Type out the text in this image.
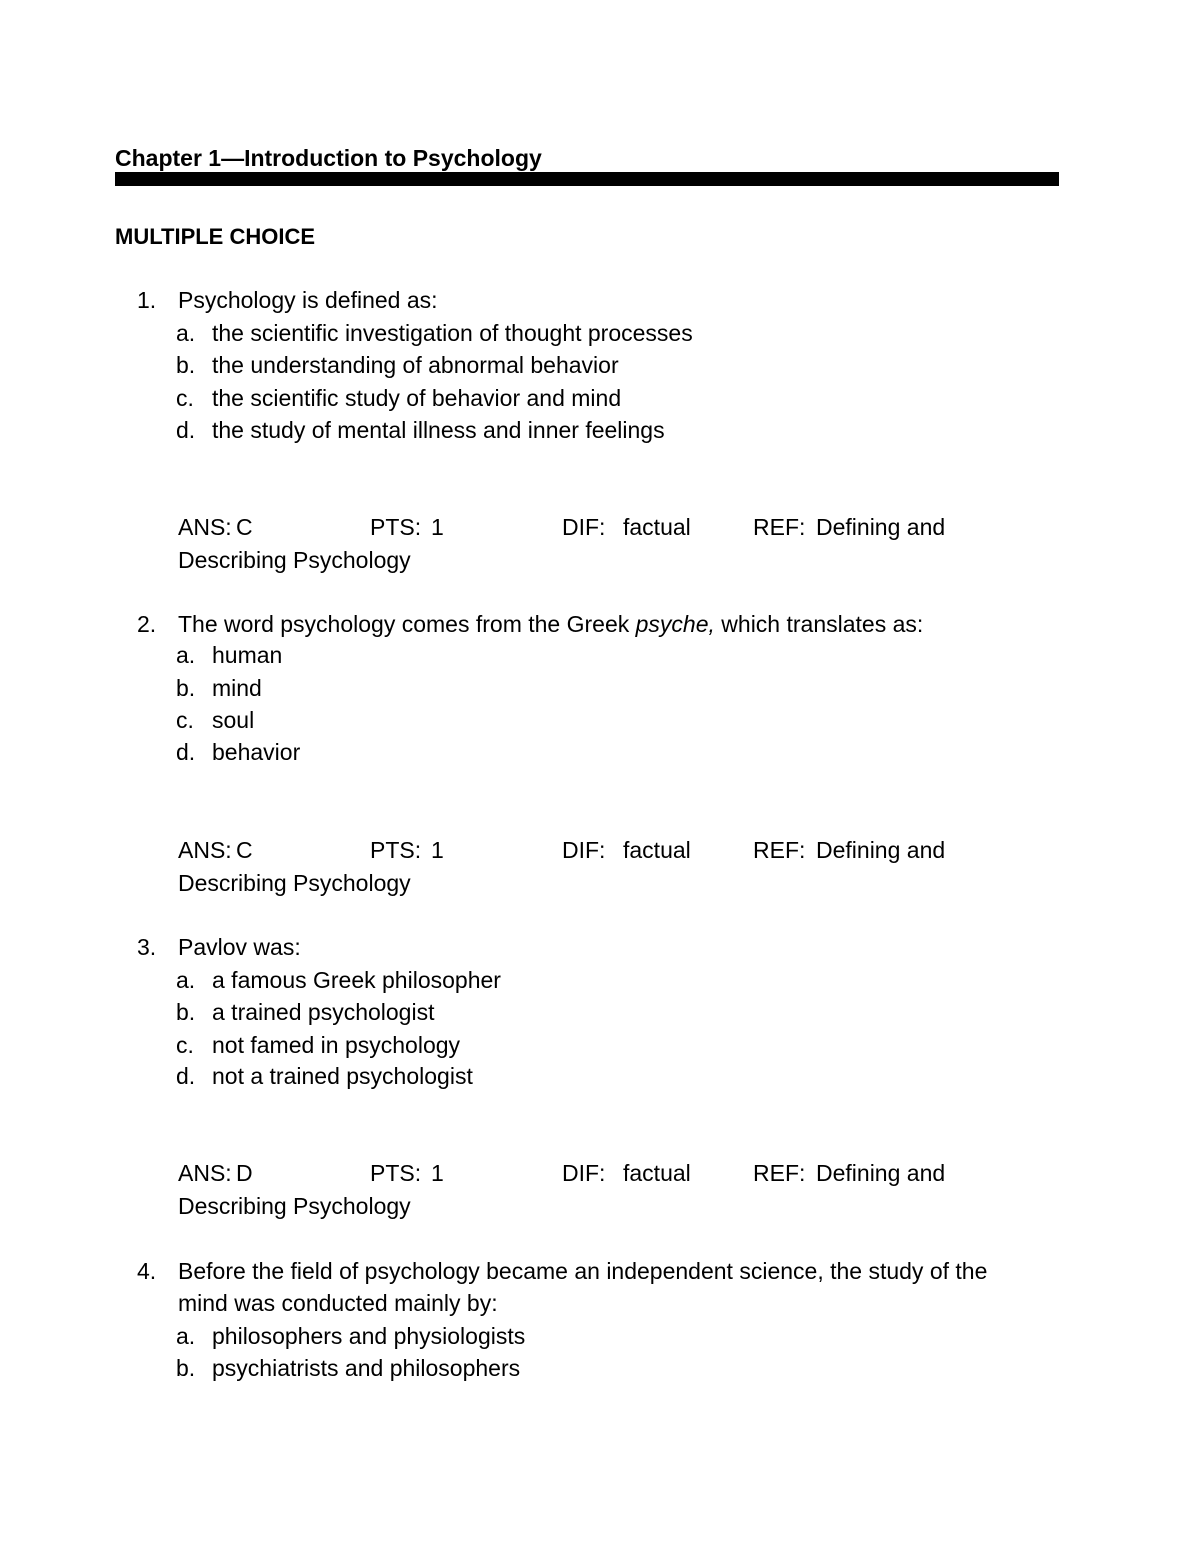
Chapter 1—Introduction to Psychology
MULTIPLE CHOICE
1. Psychology is defined as:
a. the scientific investigation of thought processes
b. the understanding of abnormal behavior
c. the scientific study of behavior and mind
d. the study of mental illness and inner feelings
ANS: C	PTS: 1	DIF: factual	REF: Defining and
Describing Psychology
2. The word psychology comes from the Greek psyche, which translates as:
a. human
b. mind
c. soul
d. behavior
ANS: C	PTS: 1	DIF: factual	REF: Defining and
Describing Psychology
3. Pavlov was:
a. a famous Greek philosopher
b. a trained psychologist
c. not famed in psychology
d. not a trained psychologist
ANS: D	PTS: 1	DIF: factual	REF: Defining and
Describing Psychology
4. Before the field of psychology became an independent science, the study of the
mind was conducted mainly by:
a. philosophers and physiologists
b. psychiatrists and philosophers
